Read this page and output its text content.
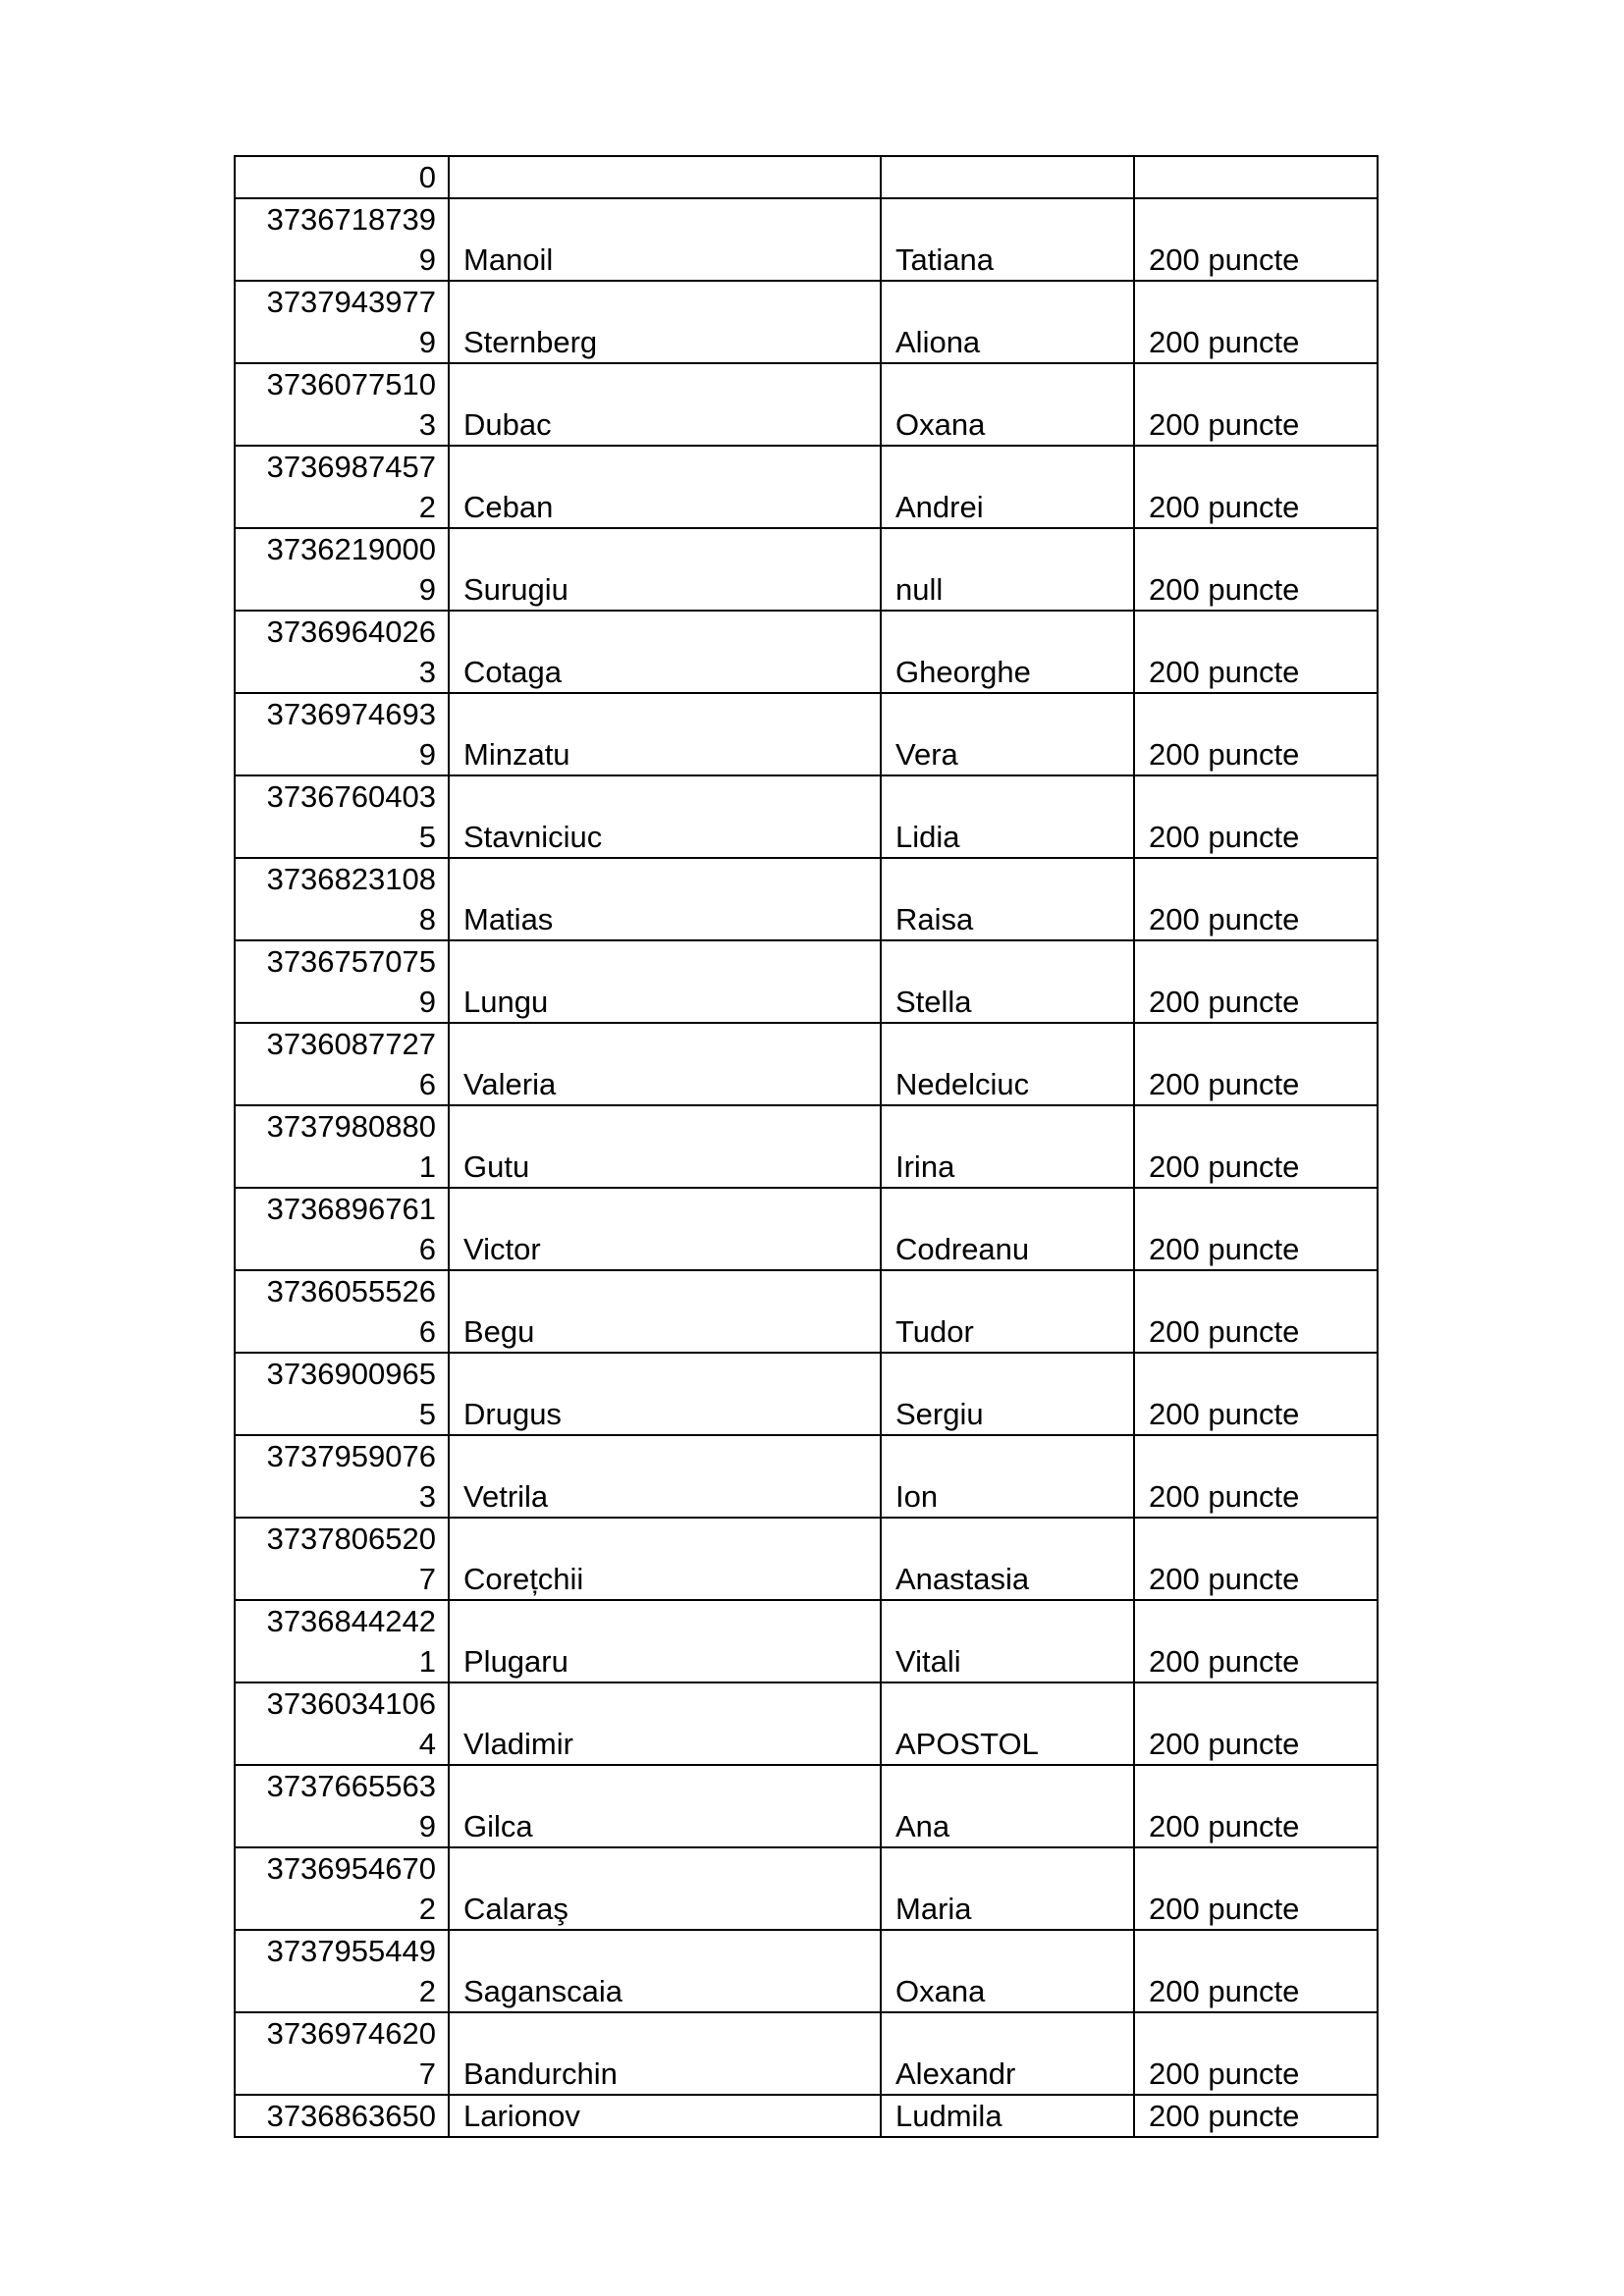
0			

3736718739
9	Manoil	Tatiana	200 puncte

3737943977
9	Sternberg	Aliona	200 puncte

3736077510
3	Dubac	Oxana	200 puncte

3736987457
2	Ceban	Andrei	200 puncte

3736219000
9	Surugiu	null	200 puncte

3736964026
3	Cotaga	Gheorghe	200 puncte

3736974693
9	Minzatu	Vera	200 puncte

3736760403
5	Stavniciuc	Lidia	200 puncte

3736823108
8	Matias	Raisa	200 puncte

3736757075
9	Lungu	Stella	200 puncte

3736087727
6	Valeria	Nedelciuc	200 puncte

3737980880
1	Gutu	Irina	200 puncte

3736896761
6	Victor	Codreanu	200 puncte

3736055526
6	Begu	Tudor	200 puncte

3736900965
5	Drugus	Sergiu	200 puncte

3737959076
3	Vetrila	Ion	200 puncte

3737806520
7	Corețchii	Anastasia	200 puncte

3736844242
1	Plugaru	Vitali	200 puncte

3736034106
4	Vladimir	APOSTOL	200 puncte

3737665563
9	Gilca	Ana	200 puncte

3736954670
2	Calaraş	Maria	200 puncte

3737955449
2	Saganscaia	Oxana	200 puncte

3736974620
7	Bandurchin	Alexandr	200 puncte

3736863650	Larionov	Ludmila	200 puncte
